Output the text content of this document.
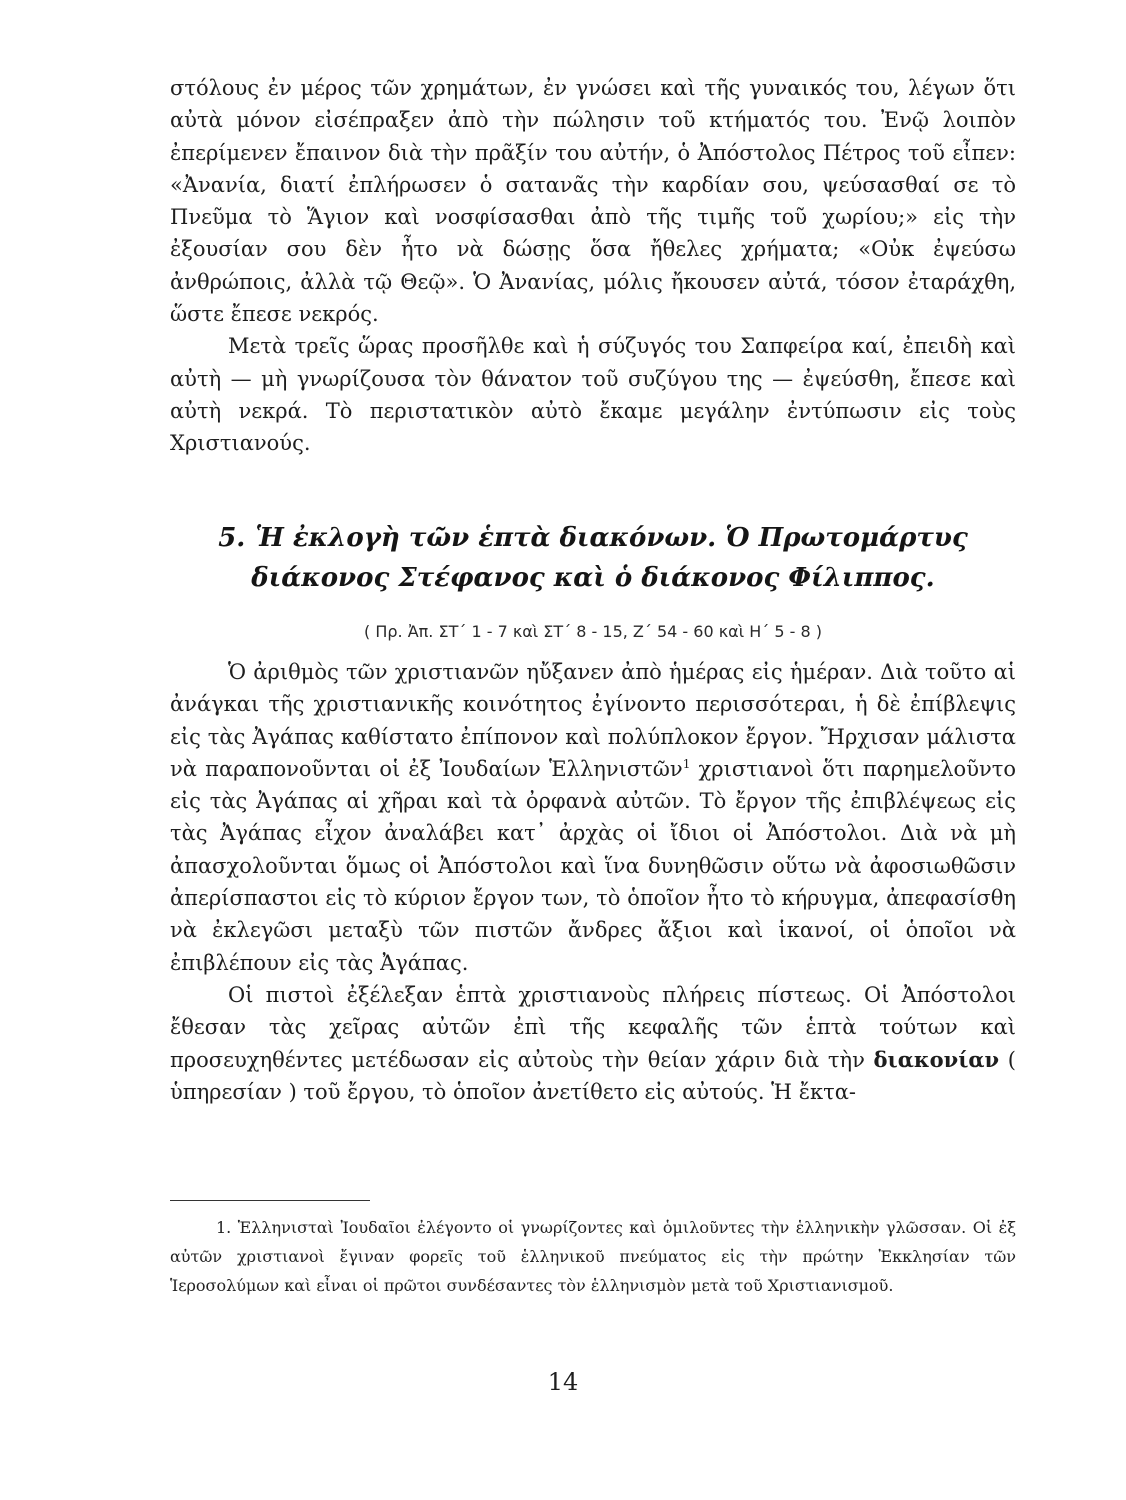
στόλους ἐν μέρος τῶν χρημάτων, ἐν γνώσει καὶ τῆς γυναικός του, λέγων ὅτι αὐτὰ μόνον εἰσέπραξεν ἀπὸ τὴν πώλησιν τοῦ κτήματός του. Ἐνῷ λοιπὸν ἐπερίμενεν ἔπαινον διὰ τὴν πρᾶξίν του αὐτήν, ὁ Ἀπόστολος Πέτρος τοῦ εἶπεν: «Ἀνανία, διατί ἐπλήρωσεν ὁ σατανᾶς τὴν καρδίαν σου, ψεύσασθαί σε τὸ Πνεῦμα τὸ Ἅγιον καὶ νοσφίσασθαι ἀπὸ τῆς τιμῆς τοῦ χωρίου;» εἰς τὴν ἐξουσίαν σου δὲν ἦτο νὰ δώσῃς ὅσα ἤθελες χρήματα; «Οὐκ ἐψεύσω ἀνθρώποις, ἀλλὰ τῷ Θεῷ». Ὁ Ἀνανίας, μόλις ἤκουσεν αὐτά, τόσον ἐταράχθη, ὥστε ἔπεσε νεκρός.

Μετὰ τρεῖς ὥρας προσῆλθε καὶ ἡ σύζυγός του Σαπφείρα καί, ἐπειδὴ καὶ αὐτὴ — μὴ γνωρίζουσα τὸν θάνατον τοῦ συζύγου της — ἐψεύσθη, ἔπεσε καὶ αὐτὴ νεκρά. Τὸ περιστατικὸν αὐτὸ ἔκαμε μεγάλην ἐντύπωσιν εἰς τοὺς Χριστιανούς.

5. Ἡ ἐκλογὴ τῶν ἑπτὰ διακόνων. Ὁ Πρωτομάρτυς
διάκονος Στέφανος καὶ ὁ διάκονος Φίλιππος.
( Πρ. Ἀπ. ΣΤ΄ 1 - 7 καὶ ΣΤ΄ 8 - 15, Ζ΄ 54 - 60 καὶ Η΄ 5 - 8 )

Ὁ ἀριθμὸς τῶν χριστιανῶν ηὔξανεν ἀπὸ ἡμέρας εἰς ἡμέραν. Διὰ τοῦτο αἱ ἀνάγκαι τῆς χριστιανικῆς κοινότητος ἐγίνοντο περισσότεραι, ἡ δὲ ἐπίβλεψις εἰς τὰς Ἀγάπας καθίστατο ἐπίπονον καὶ πολύπλοκον ἔργον. Ἤρχισαν μάλιστα νὰ παραπονοῦνται οἱ ἐξ Ἰουδαίων Ἑλληνιστῶν$^1$ χριστιανοὶ ὅτι παρημελοῦντο εἰς τὰς Ἀγάπας αἱ χῆραι καὶ τὰ ὀρφανὰ αὐτῶν. Τὸ ἔργον τῆς ἐπιβλέψεως εἰς τὰς Ἀγάπας εἶχον ἀναλάβει κατ᾽ ἀρχὰς οἱ ἴδιοι οἱ Ἀπόστολοι. Διὰ νὰ μὴ ἀπασχολοῦνται ὅμως οἱ Ἀπόστολοι καὶ ἵνα δυνηθῶσιν οὕτω νὰ ἀφοσιωθῶσιν ἀπερίσπαστοι εἰς τὸ κύριον ἔργον των, τὸ ὁποῖον ἦτο τὸ κήρυγμα, ἀπεφασίσθη νὰ ἐκλεγῶσι μεταξὺ τῶν πιστῶν ἄνδρες ἄξιοι καὶ ἱκανοί, οἱ ὁποῖοι νὰ ἐπιβλέπουν εἰς τὰς Ἀγάπας.

Οἱ πιστοὶ ἐξέλεξαν ἑπτὰ χριστιανοὺς πλήρεις πίστεως. Οἱ Ἀπόστολοι ἔθεσαν τὰς χεῖρας αὐτῶν ἐπὶ τῆς κεφαλῆς τῶν ἑπτὰ τούτων καὶ προσευχηθέντες μετέδωσαν εἰς αὐτοὺς τὴν θείαν χάριν διὰ τὴν διακονίαν ( ὑπηρεσίαν ) τοῦ ἔργου, τὸ ὁποῖον ἀνετίθετο εἰς αὐτούς. Ἡ ἔκτα-

1. Ἑλληνισταὶ Ἰουδαῖοι ἐλέγοντο οἱ γνωρίζοντες καὶ ὁμιλοῦντες τὴν ἑλληνικὴν γλῶσσαν. Οἱ ἐξ αὐτῶν χριστιανοὶ ἔγιναν φορεῖς τοῦ ἑλληνικοῦ πνεύματος εἰς τὴν πρώτην Ἐκκλησίαν τῶν Ἱεροσολύμων καὶ εἶναι οἱ πρῶτοι συνδέσαντες τὸν ἑλληνισμὸν μετὰ τοῦ Χριστιανισμοῦ.
14
